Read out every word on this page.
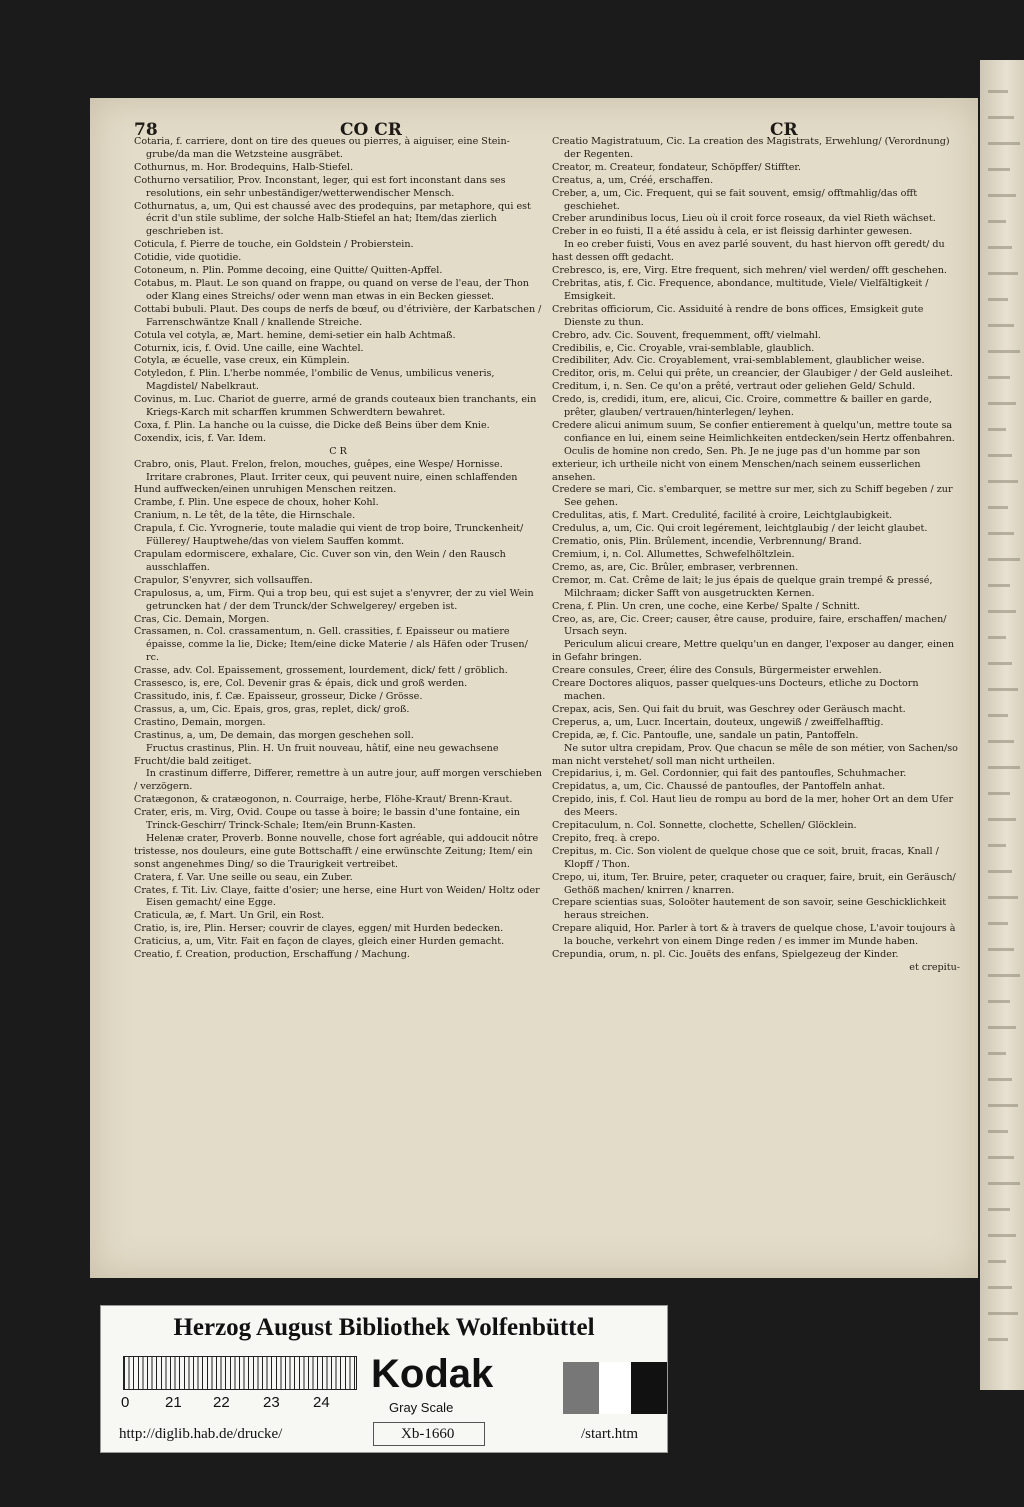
78	CO CR	CR

Cotaria, f. carriere, dont on tire des queues ou pierres, à aiguiser, eine Stein-grube/da man die Wetzsteine ausgräbet.

Cothurnus, m. Hor. Brodequins, Halb-Stiefel.

Cothurno versatilior, Prov. Inconstant, leger, qui est fort inconstant dans ses resolutions, ein sehr unbeständiger/wetterwendischer Mensch.

Cothurnatus, a, um, Qui est chaussé avec des prodequins, par metaphore, qui est écrit d'un stile sublime, der solche Halb-Stiefel an hat; Item/das zierlich geschrieben ist.

Coticula, f. Pierre de touche, ein Goldstein / Probierstein.

Cotidie, vide quotidie.

Cotoneum, n. Plin. Pomme decoing, eine Quitte/ Quitten-Apffel.

Cotabus, m. Plaut. Le son quand on frappe, ou quand on verse de l'eau, der Thon oder Klang eines Streichs/ oder wenn man etwas in ein Becken giesset.

Cottabi bubuli. Plaut. Des coups de nerfs de bœuf, ou d'étrivière, der Karbatschen / Farrenschwäntze Knall / knallende Streiche.

Cotula vel cotyla, æ, Mart. hemine, demi-setier ein halb Achtmaß.

Coturnix, icis, f. Ovid. Une caille, eine Wachtel.

Cotyla, æ écuelle, vase creux, ein Kümplein.

Cotyledon, f. Plin. L'herbe nommée, l'ombilic de Venus, umbilicus veneris, Magdistel/ Nabelkraut.

Covinus, m. Luc. Chariot de guerre, armé de grands couteaux bien tranchants, ein Kriegs-Karch mit scharffen krummen Schwerdtern bewahret.

Coxa, f. Plin. La hanche ou la cuisse, die Dicke deß Beins über dem Knie.

Coxendix, icis, f. Var. Idem.

C R

Crabro, onis, Plaut. Frelon, frelon, mouches, guêpes, eine Wespe/ Hornisse.

Irritare crabrones, Plaut. Irriter ceux, qui peuvent nuire, einen schlaffenden Hund auffwecken/einen unruhigen Menschen reitzen.

Crambe, f. Plin. Une espece de choux, hoher Kohl.

Cranium, n. Le têt, de la tête, die Hirnschale.

Crapula, f. Cic. Yvrognerie, toute maladie qui vient de trop boire, Trunckenheit/ Füllerey/ Hauptwehe/das von vielem Sauffen kommt.

Crapulam edormiscere, exhalare, Cic. Cuver son vin, den Wein / den Rausch ausschlaffen.

Crapulor, S'enyvrer, sich vollsauffen.

Crapulosus, a, um, Firm. Qui a trop beu, qui est sujet a s'enyvrer, der zu viel Wein getruncken hat / der dem Trunck/der Schwelgerey/ ergeben ist.

Cras, Cic. Demain, Morgen.

Crassamen, n. Col. crassamentum, n. Gell. crassities, f. Epaisseur ou matiere épaisse, comme la lie, Dicke; Item/eine dicke Materie / als Häfen oder Trusen/ rc.

Crasse, adv. Col. Epaissement, grossement, lourdement, dick/ fett / gröblich.

Crassesco, is, ere, Col. Devenir gras & épais, dick und groß werden.

Crassitudo, inis, f. Cæ. Epaisseur, grosseur, Dicke / Grösse.

Crassus, a, um, Cic. Epais, gros, gras, replet, dick/ groß.

Crastino, Demain, morgen.

Crastinus, a, um, De demain, das morgen geschehen soll.

Fructus crastinus, Plin. H. Un fruit nouveau, hâtif, eine neu gewachsene Frucht/die bald zeitiget.

In crastinum differre, Differer, remettre à un autre jour, auff morgen verschieben / verzögern.

Cratægonon, & cratæogonon, n. Courraige, herbe, Flöhe-Kraut/ Brenn-Kraut.

Crater, eris, m. Virg, Ovid. Coupe ou tasse à boire; le bassin d'une fontaine, ein Trinck-Geschirr/ Trinck-Schale; Item/ein Brunn-Kasten.

Helenæ crater, Proverb. Bonne nouvelle, chose fort agréable, qui addoucit nôtre tristesse, nos douleurs, eine gute Bottschafft / eine erwünschte Zeitung; Item/ ein sonst angenehmes Ding/ so die Traurigkeit vertreibet.

Cratera, f. Var. Une seille ou seau, ein Zuber.

Crates, f. Tit. Liv. Claye, faitte d'osier; une herse, eine Hurt von Weiden/ Holtz oder Eisen gemacht/ eine Egge.

Craticula, æ, f. Mart. Un Gril, ein Rost.

Cratio, is, ire, Plin. Herser; couvrir de clayes, eggen/ mit Hurden bedecken.

Craticius, a, um, Vitr. Fait en façon de clayes, gleich einer Hurden gemacht.

Creatio, f. Creation, production, Erschaffung / Machung.

Creatio Magistratuum, Cic. La creation des Magistrats, Erwehlung/ (Verordnung) der Regenten.

Creator, m. Createur, fondateur, Schöpffer/ Stiffter.

Creatus, a, um, Créé, erschaffen.

Creber, a, um, Cic. Frequent, qui se fait souvent, emsig/ offtmahlig/das offt geschiehet.

Creber arundinibus locus, Lieu où il croit force roseaux, da viel Rieth wächset.

Creber in eo fuisti, Il a été assidu à cela, er ist fleissig darhinter gewesen.

In eo creber fuisti, Vous en avez parlé souvent, du hast hiervon offt geredt/ du hast dessen offt gedacht.

Crebresco, is, ere, Virg. Etre frequent, sich mehren/ viel werden/ offt geschehen.

Crebritas, atis, f. Cic. Frequence, abondance, multitude, Viele/ Vielfältigkeit / Emsigkeit.

Crebritas officiorum, Cic. Assiduité à rendre de bons offices, Emsigkeit gute Dienste zu thun.

Crebro, adv. Cic. Souvent, frequemment, offt/ vielmahl.

Credibilis, e, Cic. Croyable, vrai-semblable, glaublich.

Credibiliter, Adv. Cic. Croyablement, vrai-semblablement, glaublicher weise.

Creditor, oris, m. Celui qui prête, un creancier, der Glaubiger / der Geld ausleihet.

Creditum, i, n. Sen. Ce qu'on a prêté, vertraut oder geliehen Geld/ Schuld.

Credo, is, credidi, itum, ere, alicui, Cic. Croire, commettre & bailler en garde, prêter, glauben/ vertrauen/hinterlegen/ leyhen.

Credere alicui animum suum, Se confier entierement à quelqu'un, mettre toute sa confiance en lui, einem seine Heimlichkeiten entdecken/sein Hertz offenbahren.

Oculis de homine non credo, Sen. Ph. Je ne juge pas d'un homme par son exterieur, ich urtheile nicht von einem Menschen/nach seinem eusserlichen ansehen.

Credere se mari, Cic. s'embarquer, se mettre sur mer, sich zu Schiff begeben / zur See gehen.

Credulitas, atis, f. Mart. Credulité, facilité à croire, Leichtglaubigkeit.

Credulus, a, um, Cic. Qui croit legérement, leichtglaubig / der leicht glaubet.

Crematio, onis, Plin. Brûlement, incendie, Verbrennung/ Brand.

Cremium, i, n. Col. Allumettes, Schwefelhöltzlein.

Cremo, as, are, Cic. Brûler, embraser, verbrennen.

Cremor, m. Cat. Crême de lait; le jus épais de quelque grain trempé & pressé, Milchraam; dicker Safft von ausgetruckten Kernen.

Crena, f. Plin. Un cren, une coche, eine Kerbe/ Spalte / Schnitt.

Creo, as, are, Cic. Creer; causer, être cause, produire, faire, erschaffen/ machen/ Ursach seyn.

Periculum alicui creare, Mettre quelqu'un en danger, l'exposer au danger, einen in Gefahr bringen.

Creare consules, Creer, élire des Consuls, Bürgermeister erwehlen.

Creare Doctores aliquos, passer quelques-uns Docteurs, etliche zu Doctorn machen.

Crepax, acis, Sen. Qui fait du bruit, was Geschrey oder Geräusch macht.

Creperus, a, um, Lucr. Incertain, douteux, ungewiß / zweiffelhafftig.

Crepida, æ, f. Cic. Pantoufle, une, sandale un patin, Pantoffeln.

Ne sutor ultra crepidam, Prov. Que chacun se mêle de son métier, von Sachen/so man nicht verstehet/ soll man nicht urtheilen.

Crepidarius, i, m. Gel. Cordonnier, qui fait des pantoufles, Schuhmacher.

Crepidatus, a, um, Cic. Chaussé de pantoufles, der Pantoffeln anhat.

Crepido, inis, f. Col. Haut lieu de rompu au bord de la mer, hoher Ort an dem Ufer des Meers.

Crepitaculum, n. Col. Sonnette, clochette, Schellen/ Glöcklein.

Crepito, freq. à crepo.

Crepitus, m. Cic. Son violent de quelque chose que ce soit, bruit, fracas, Knall / Klopff / Thon.

Crepo, ui, itum, Ter. Bruire, peter, craqueter ou craquer, faire, bruit, ein Geräusch/ Gethöß machen/ knirren / knarren.

Crepare scientias suas, Soloöter hautement de son savoir, seine Geschicklichkeit heraus streichen.

Crepare aliquid, Hor. Parler à tort & à travers de quelque chose, L'avoir toujours à la bouche, verkehrt von einem Dinge reden / es immer im Munde haben.

Crepundia, orum, n. pl. Cic. Jouëts des enfans, Spielgezeug der Kinder.

et crepitu-

Herzog August Bibliothek Wolfenbüttel
0 21 22 23 24
Kodak
Gray Scale
http://diglib.hab.de/drucke/	Xb-1660	/start.htm
